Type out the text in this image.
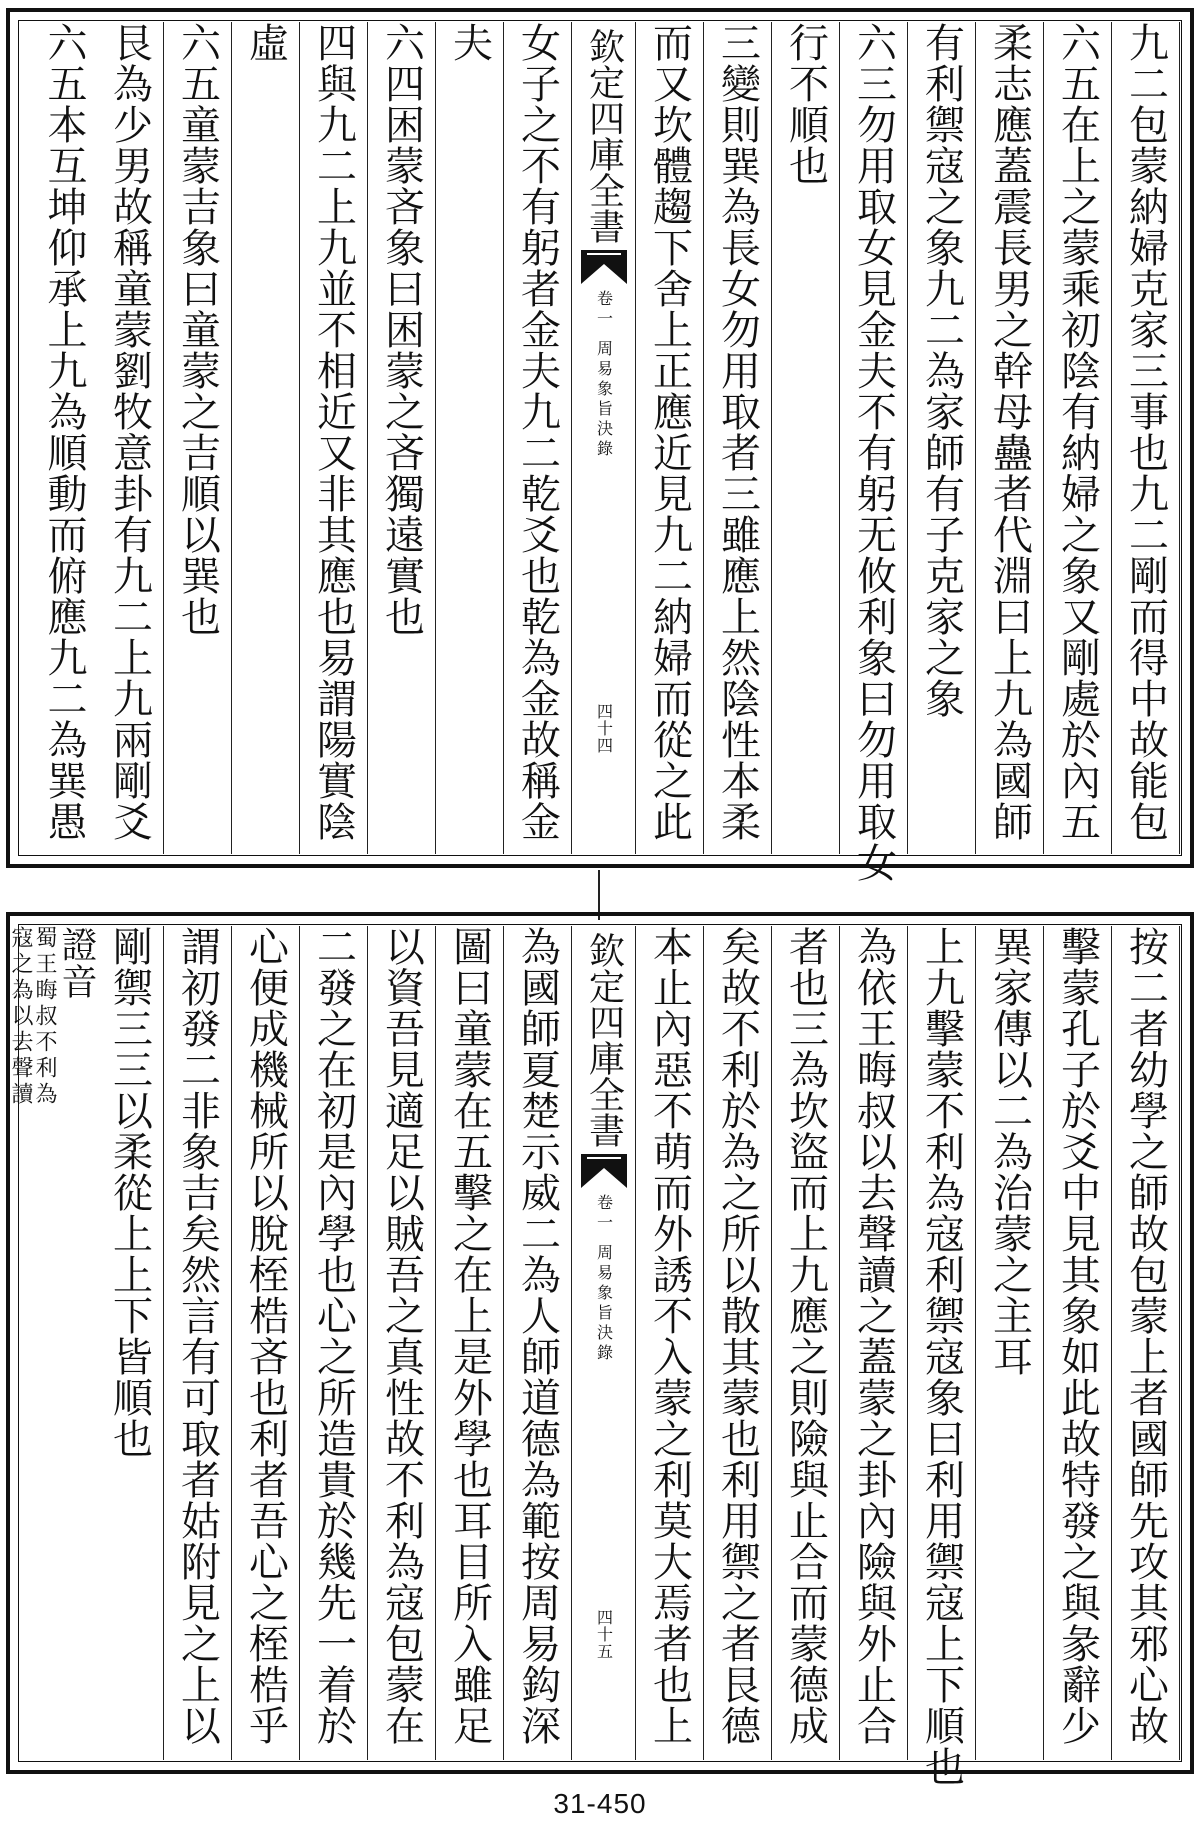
九二包蒙納婦克家三事也九二剛而得中故能包
六五在上之蒙乘初陰有納婦之象又剛處於內五
柔志應蓋震長男之幹母蠱者代淵曰上九為國師
有利禦寇之象九二為家師有子克家之象
六三勿用取女見金夫不有躬无攸利象曰勿用取女
行不順也
三變則巽為長女勿用取者三雖應上然陰性本柔
而又坎體趨下舍上正應近見九二納婦而從之此
欽定四庫全書
周易象旨決錄
卷一
四十四
女子之不有躬者金夫九二乾爻也乾為金故稱金
夫
六四困蒙吝象曰困蒙之吝獨遠實也
四與九二上九並不相近又非其應也易謂陽實陰
虛
六五童蒙吉象曰童蒙之吉順以巽也
艮為少男故稱童蒙劉牧意卦有九二上九兩剛爻
六五本互坤仰承上九為順動而俯應九二為巽愚
按二者幼學之師故包蒙上者國師先攻其邪心故
擊蒙孔子於爻中見其象如此故特發之與彖辭少
異家傳以二為治蒙之主耳
上九擊蒙不利為寇利禦寇象曰利用禦寇上下順也
為依王晦叔以去聲讀之蓋蒙之卦內險與外止合
者也三為坎盜而上九應之則險與止合而蒙德成
矣故不利於為之所以散其蒙也利用禦之者艮德
本止內惡不萌而外誘不入蒙之利莫大焉者也上
欽定四庫全書
周易象旨決錄
卷一
四十五
為國師夏楚示威二為人師道德為範按周易鈎深
圖曰童蒙在五擊之在上是外學也耳目所入雖足
以資吾見適足以賊吾之真性故不利為寇包蒙在
二發之在初是內學也心之所造貴於幾先一着於
心便成機械所以脫桎梏吝也利者吾心之桎梏乎
謂初發二非象吉矣然言有可取者姑附見之上以
剛禦三三以柔從上上下皆順也
證音
蜀王晦叔不利為
寇之為以去聲讀
31-450
